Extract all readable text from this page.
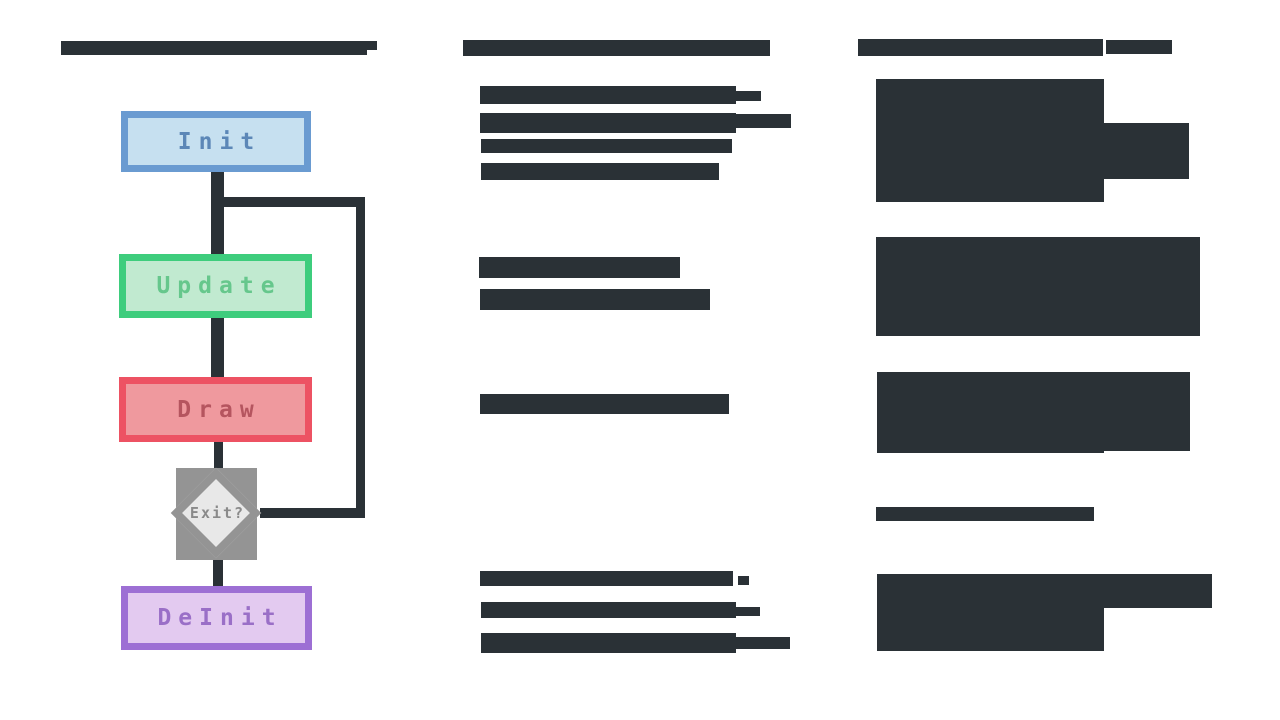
Init
Update
Draw
Exit?
DeInit
